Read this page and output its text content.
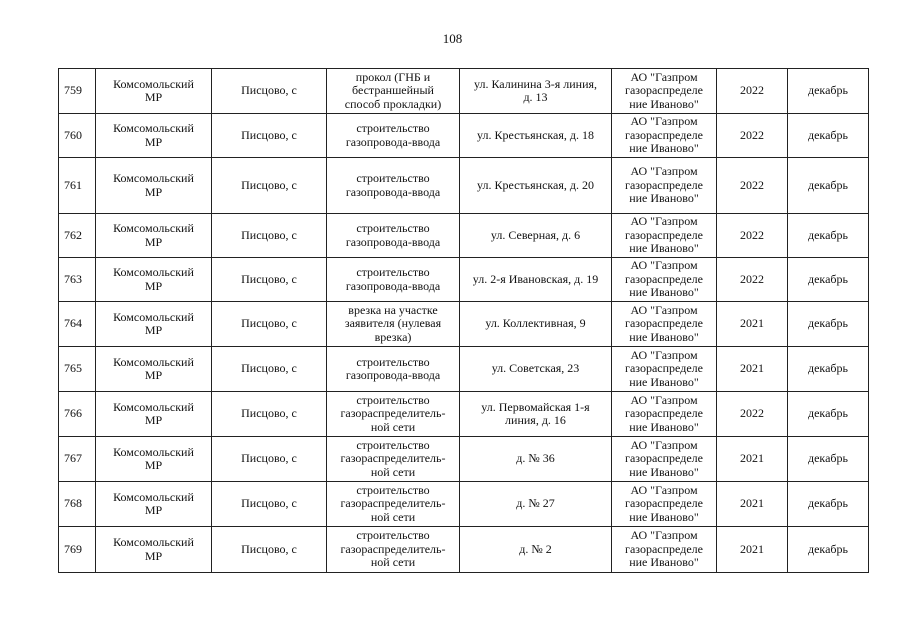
108
759	Комсомольский
МР	Писцово, с	прокол (ГНБ и
бестраншейный
способ прокладки)	ул. Калинина 3-я линия,
д. 13	АО "Газпром
газораспределе
ние Иваново"	2022	декабрь
760	Комсомольский
МР	Писцово, с	строительство
газопровода-ввода	ул. Крестьянская, д. 18	АО "Газпром
газораспределе
ние Иваново"	2022	декабрь
761	Комсомольский
МР	Писцово, с	строительство
газопровода-ввода	ул. Крестьянская, д. 20	АО "Газпром
газораспределе
ние Иваново"	2022	декабрь
762	Комсомольский
МР	Писцово, с	строительство
газопровода-ввода	ул. Северная, д. 6	АО "Газпром
газораспределе
ние Иваново"	2022	декабрь
763	Комсомольский
МР	Писцово, с	строительство
газопровода-ввода	ул. 2-я Ивановская, д. 19	АО "Газпром
газораспределе
ние Иваново"	2022	декабрь
764	Комсомольский
МР	Писцово, с	врезка на участке
заявителя (нулевая
врезка)	ул. Коллективная, 9	АО "Газпром
газораспределе
ние Иваново"	2021	декабрь
765	Комсомольский
МР	Писцово, с	строительство
газопровода-ввода	ул. Советская, 23	АО "Газпром
газораспределе
ние Иваново"	2021	декабрь
766	Комсомольский
МР	Писцово, с	строительство
газораспределитель-
ной сети	ул. Первомайская 1-я
линия, д. 16	АО "Газпром
газораспределе
ние Иваново"	2022	декабрь
767	Комсомольский
МР	Писцово, с	строительство
газораспределитель-
ной сети	д. № 36	АО "Газпром
газораспределе
ние Иваново"	2021	декабрь
768	Комсомольский
МР	Писцово, с	строительство
газораспределитель-
ной сети	д. № 27	АО "Газпром
газораспределе
ние Иваново"	2021	декабрь
769	Комсомольский
МР	Писцово, с	строительство
газораспределитель-
ной сети	д. № 2	АО "Газпром
газораспределе
ние Иваново"	2021	декабрь
